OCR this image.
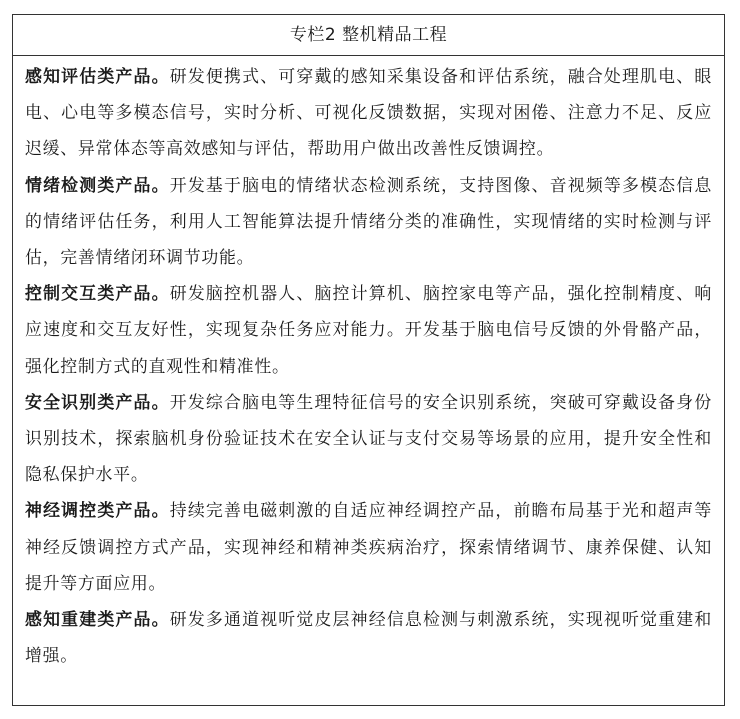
专栏2 整机精品工程

感知评估类产品。研发便携式、可穿戴的感知采集设备和评估系统，融合处理肌电、眼电、心电等多模态信号，实时分析、可视化反馈数据，实现对困倦、注意力不足、反应迟缓、异常体态等高效感知与评估，帮助用户做出改善性反馈调控。

情绪检测类产品。开发基于脑电的情绪状态检测系统，支持图像、音视频等多模态信息的情绪评估任务，利用人工智能算法提升情绪分类的准确性，实现情绪的实时检测与评估，完善情绪闭环调节功能。

控制交互类产品。研发脑控机器人、脑控计算机、脑控家电等产品，强化控制精度、响应速度和交互友好性，实现复杂任务应对能力。开发基于脑电信号反馈的外骨骼产品，强化控制方式的直观性和精准性。

安全识别类产品。开发综合脑电等生理特征信号的安全识别系统，突破可穿戴设备身份识别技术，探索脑机身份验证技术在安全认证与支付交易等场景的应用，提升安全性和隐私保护水平。

神经调控类产品。持续完善电磁刺激的自适应神经调控产品，前瞻布局基于光和超声等神经反馈调控方式产品，实现神经和精神类疾病治疗，探索情绪调节、康养保健、认知提升等方面应用。

感知重建类产品。研发多通道视听觉皮层神经信息检测与刺激系统，实现视听觉重建和增强。
